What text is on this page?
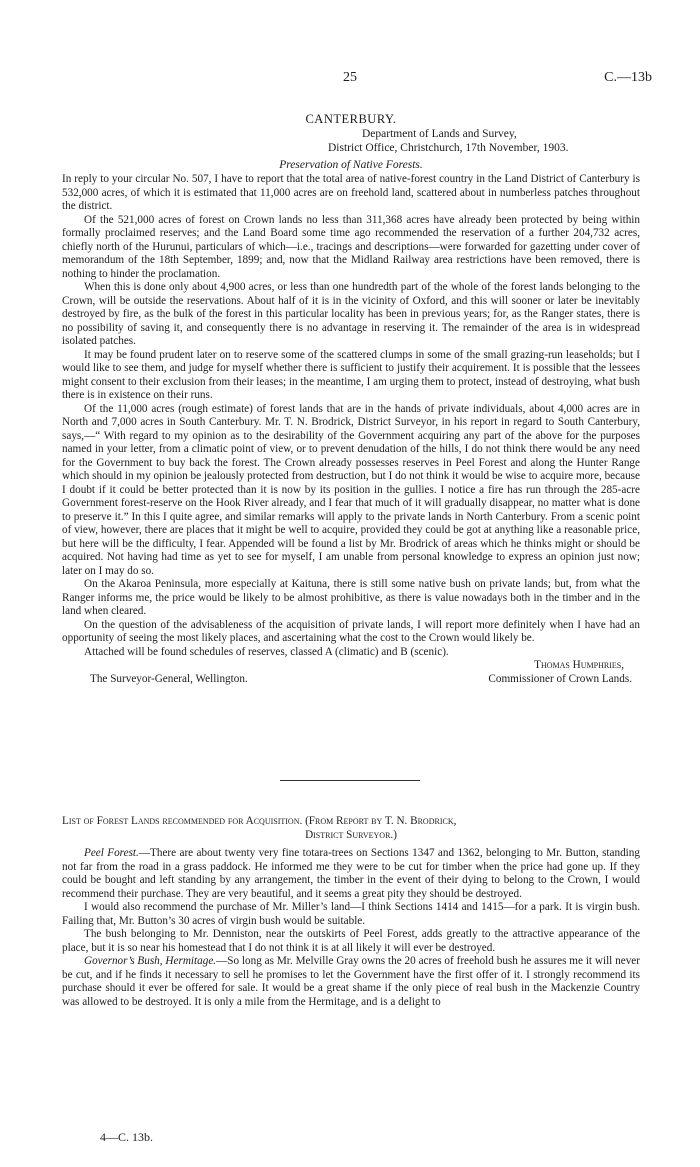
25	C.—13b
CANTERBURY.
Department of Lands and Survey,
District Office, Christchurch, 17th November, 1903.
Preservation of Native Forests.

In reply to your circular No. 507, I have to report that the total area of native-forest country in the Land District of Canterbury is 532,000 acres, of which it is estimated that 11,000 acres are on freehold land, scattered about in numberless patches throughout the district.

Of the 521,000 acres of forest on Crown lands no less than 311,368 acres have already been protected by being within formally proclaimed reserves; and the Land Board some time ago recommended the reservation of a further 204,732 acres, chiefly north of the Hurunui, particulars of which—i.e., tracings and descriptions—were forwarded for gazetting under cover of memorandum of the 18th September, 1899; and, now that the Midland Railway area restrictions have been removed, there is nothing to hinder the proclamation.

When this is done only about 4,900 acres, or less than one hundredth part of the whole of the forest lands belonging to the Crown, will be outside the reservations. About half of it is in the vicinity of Oxford, and this will sooner or later be inevitably destroyed by fire, as the bulk of the forest in this particular locality has been in previous years; for, as the Ranger states, there is no possibility of saving it, and consequently there is no advantage in reserving it. The remainder of the area is in widespread isolated patches.

It may be found prudent later on to reserve some of the scattered clumps in some of the small grazing-run leaseholds; but I would like to see them, and judge for myself whether there is sufficient to justify their acquirement. It is possible that the lessees might consent to their exclusion from their leases; in the meantime, I am urging them to protect, instead of destroying, what bush there is in existence on their runs.

Of the 11,000 acres (rough estimate) of forest lands that are in the hands of private individuals, about 4,000 acres are in North and 7,000 acres in South Canterbury. Mr. T. N. Brodrick, District Surveyor, in his report in regard to South Canterbury, says,—“ With regard to my opinion as to the desirability of the Government acquiring any part of the above for the purposes named in your letter, from a climatic point of view, or to prevent denudation of the hills, I do not think there would be any need for the Government to buy back the forest. The Crown already possesses reserves in Peel Forest and along the Hunter Range which should in my opinion be jealously protected from destruction, but I do not think it would be wise to acquire more, because I doubt if it could be better protected than it is now by its position in the gullies. I notice a fire has run through the 285-acre Government forest-reserve on the Hook River already, and I fear that much of it will gradually disappear, no matter what is done to preserve it.” In this I quite agree, and similar remarks will apply to the private lands in North Canterbury. From a scenic point of view, however, there are places that it might be well to acquire, provided they could be got at anything like a reasonable price, but here will be the difficulty, I fear. Appended will be found a list by Mr. Brodrick of areas which he thinks might or should be acquired. Not having had time as yet to see for myself, I am unable from personal knowledge to express an opinion just now; later on I may do so.

On the Akaroa Peninsula, more especially at Kaituna, there is still some native bush on private lands; but, from what the Ranger informs me, the price would be likely to be almost prohibitive, as there is value nowadays both in the timber and in the land when cleared.

On the question of the advisableness of the acquisition of private lands, I will report more definitely when I have had an opportunity of seeing the most likely places, and ascertaining what the cost to the Crown would likely be.

Attached will be found schedules of reserves, classed A (climatic) and B (scenic).

Thomas Humphries,
The Surveyor-General, Wellington.	Commissioner of Crown Lands.
List of Forest Lands recommended for Acquisition. (From Report by T. N. Brodrick,
District Surveyor.)

Peel Forest.—There are about twenty very fine totara-trees on Sections 1347 and 1362, belonging to Mr. Button, standing not far from the road in a grass paddock. He informed me they were to be cut for timber when the price had gone up. If they could be bought and left standing by any arrangement, the timber in the event of their dying to belong to the Crown, I would recommend their purchase. They are very beautiful, and it seems a great pity they should be destroyed.

I would also recommend the purchase of Mr. Miller’s land—I think Sections 1414 and 1415—for a park. It is virgin bush. Failing that, Mr. Button’s 30 acres of virgin bush would be suitable.

The bush belonging to Mr. Denniston, near the outskirts of Peel Forest, adds greatly to the attractive appearance of the place, but it is so near his homestead that I do not think it is at all likely it will ever be destroyed.

Governor’s Bush, Hermitage.—So long as Mr. Melville Gray owns the 20 acres of freehold bush he assures me it will never be cut, and if he finds it necessary to sell he promises to let the Government have the first offer of it. I strongly recommend its purchase should it ever be offered for sale. It would be a great shame if the only piece of real bush in the Mackenzie Country was allowed to be destroyed. It is only a mile from the Hermitage, and is a delight to

4—C. 13b.
